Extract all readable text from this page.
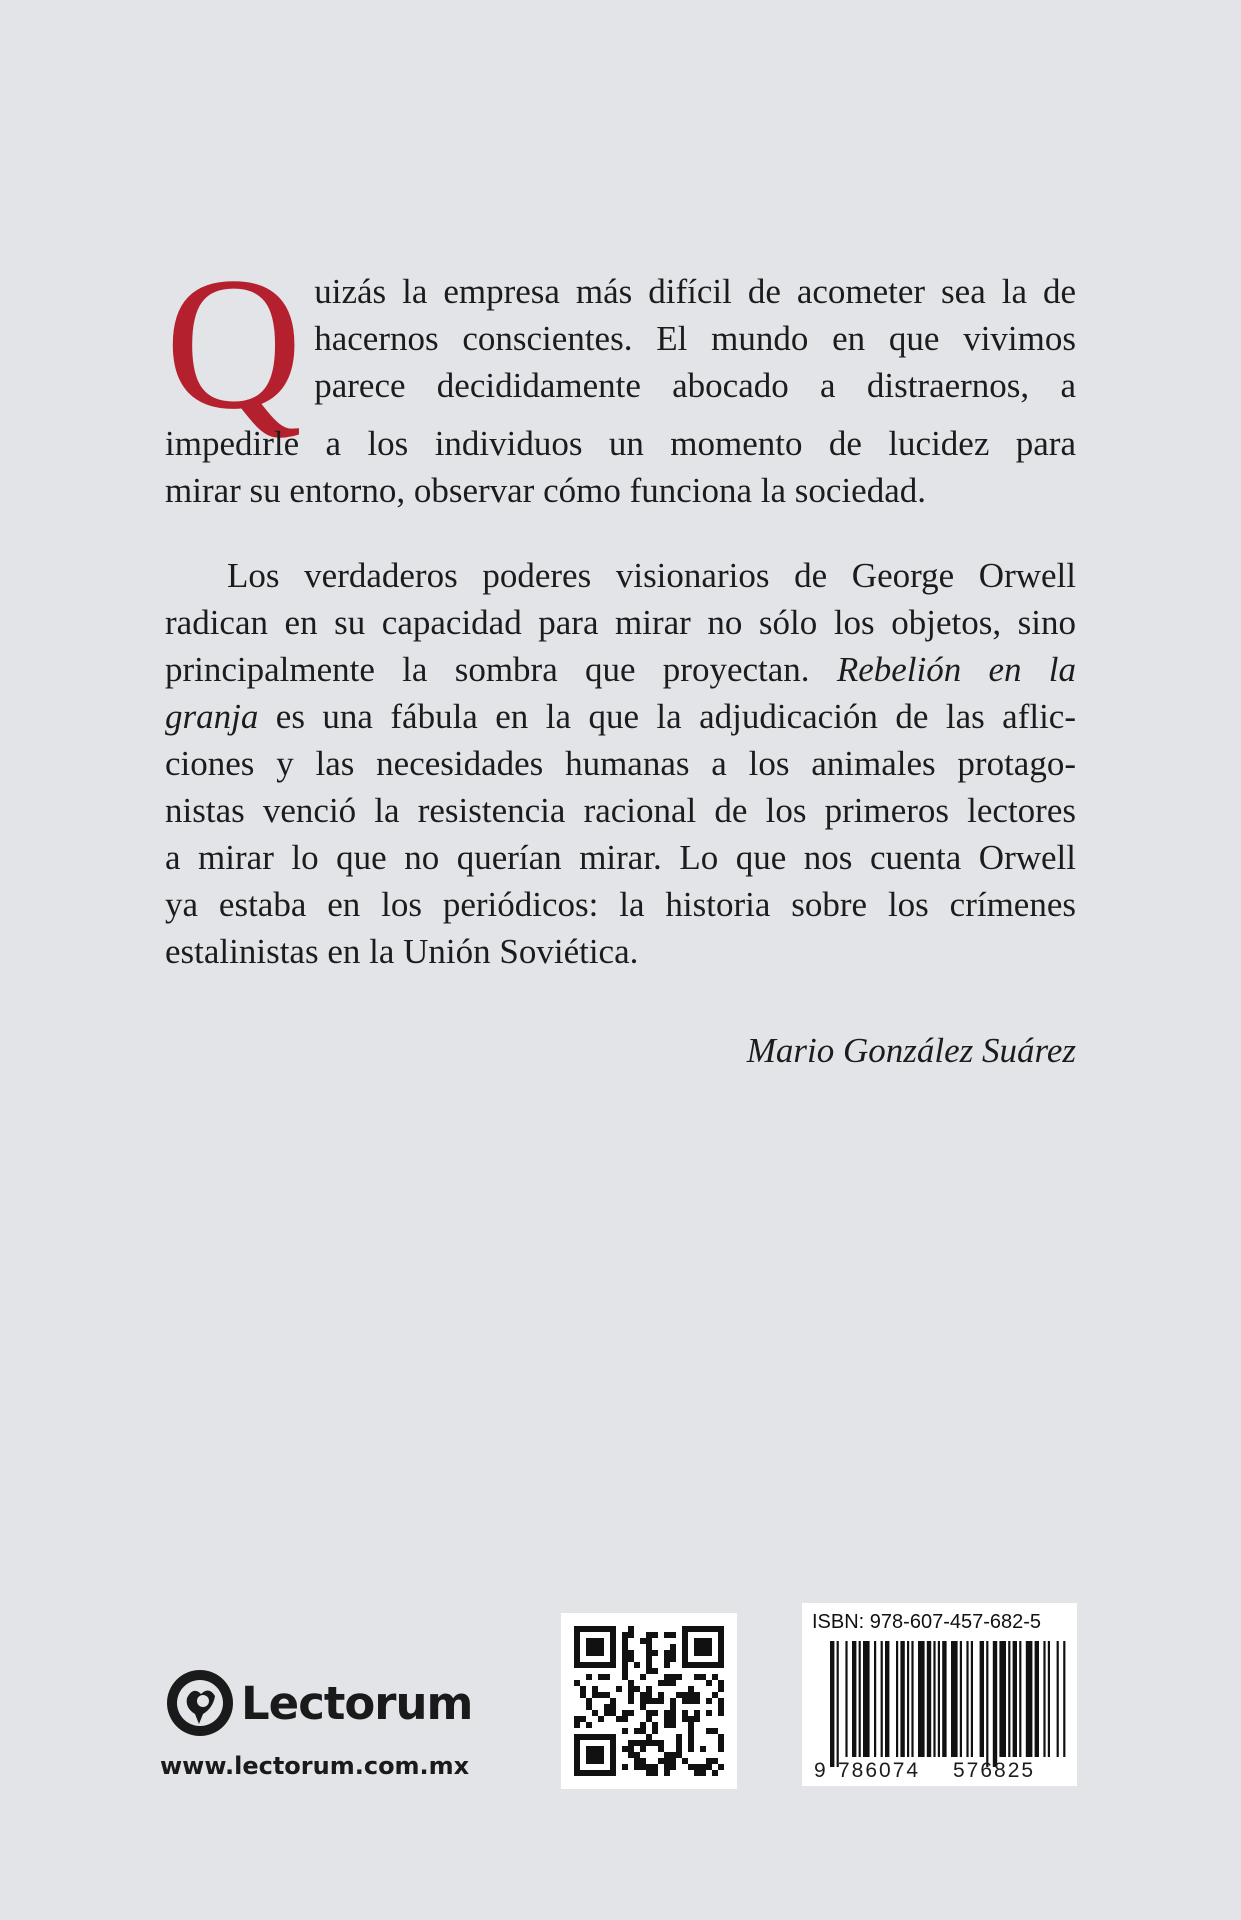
Q uizás la empresa más difícil de acometer sea la de
hacernos conscientes. El mundo en que vivimos
parece decididamente abocado a distraernos, a
impedirle a los individuos un momento de lucidez para
mirar su entorno, observar cómo funciona la sociedad.
Los verdaderos poderes visionarios de George Orwell
radican en su capacidad para mirar no sólo los objetos, sino
principalmente la sombra que proyectan. Rebelión en la
granja es una fábula en la que la adjudicación de las aflic-
ciones y las necesidades humanas a los animales protago-
nistas venció la resistencia racional de los primeros lectores
a mirar lo que no querían mirar. Lo que nos cuenta Orwell
ya estaba en los periódicos: la historia sobre los crímenes
estalinistas en la Unión Soviética.
Mario González Suárez
Lectorum
www.lectorum.com.mx
ISBN: 978-607-457-682-5
9 786074 576825
